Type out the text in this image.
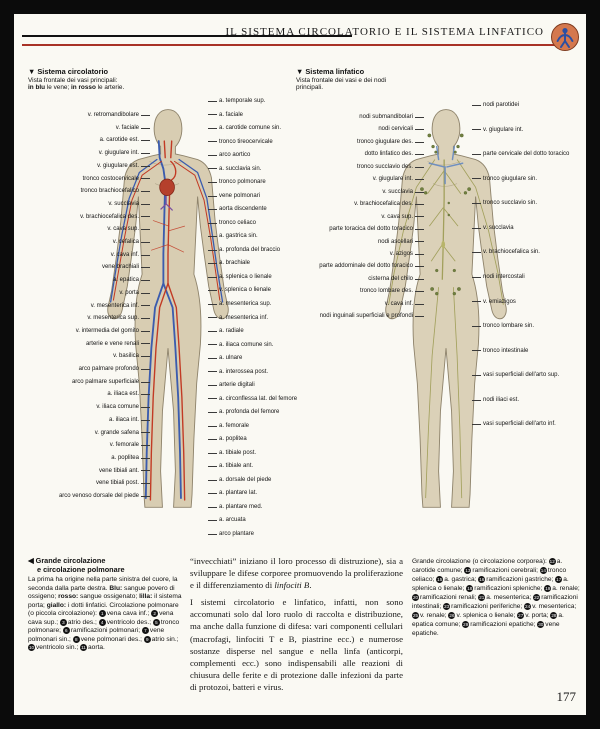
IL SISTEMA CIRCOLATORIO E IL SISTEMA LINFATICO
▼ Sistema circolatorio
Vista frontale dei vasi principali:
in blu le vene; in rosso le arterie.
▼ Sistema linfatico
Vista frontale dei vasi e dei nodi
principali.
v. retromandibolare
v. faciale
a. carotide est.
v. giugulare int.
v. giugulare est.
tronco costocervicale
tronco brachiocefalico
v. succlavia
v. brachiocefalica des.
v. cava sup.
v. cefalica
v. cava inf.
vene brachiali
a. epatica
v. porta
v. mesenterica inf.
v. mesenterica sup.
v. intermedia del gomito
arterie e vene renali
v. basilica
arco palmare profondo
arco palmare superficiale
a. iliaca est.
v. iliaca comune
a. iliaca int.
v. grande safena
v. femorale
a. poplitea
vene tibiali ant.
vene tibiali post.
arco venoso dorsale del piede
a. temporale sup.
a. faciale
a. carotide comune sin.
tronco tireocervicale
arco aortico
a. succlavia sin.
tronco polmonare
vene polmonari
aorta discendente
tronco celiaco
a. gastrica sin.
a. profonda del braccio
a. brachiale
a. splenica o lienale
v. splenica o lienale
a. mesenterica sup.
a. mesenterica inf.
a. radiale
a. iliaca comune sin.
a. ulnare
a. interossea post.
arterie digitali
a. circonflessa lat. del femore
a. profonda del femore
a. femorale
a. poplitea
a. tibiale post.
a. tibiale ant.
a. dorsale del piede
a. plantare lat.
a. plantare med.
a. arcuata
arco plantare
nodi submandibolari
nodi cervicali
tronco giugulare des.
dotto linfatico des.
tronco succlavio des.
v. giugulare int.
v. succlavia
v. brachiocefalica des.
v. cava sup.
parte toracica del dotto toracico
nodi ascellari
v. azigos
parte addominale del dotto toracico
cisterna del chilo
tronco lombare des.
v. cava inf.
nodi inguinali superficiali e profondi
nodi parotidei
v. giugulare int.
parte cervicale del dotto toracico
tronco giugulare sin.
tronco succlavio sin.
v. succlavia
v. brachiocefalica sin.
nodi intercostali
v. emiazigos
tronco lombare sin.
tronco intestinale
vasi superficiali dell'arto sup.
nodi iliaci est.
vasi superficiali dell'arto inf.
◀ Grande circolazione
e circolazione polmonare
La prima ha origine nella parte sinistra del cuore, la seconda dalla parte destra. Blu: sangue povero di ossigeno; rosso: sangue ossigenato; lilla: il sistema porta; giallo: i dotti linfatici. Circolazione polmonare (o piccola circolazione): 1 vena cava inf.; 2 vena cava sup.; 3 atrio des.; 4 ventricolo des.; 5 tronco polmonare; 6 ramificazioni polmonari; 7 vene polmonari sin.; 8 vene polmonari des.; 9 atrio sin.; 10 ventricolo sin.; 11 aorta.

“invecchiati” iniziano il loro processo di distruzione), sia a sviluppare le difese corporee promuovendo la proliferazione e il differenziamento di linfociti B.

I sistemi circolatorio e linfatico, infatti, non sono accomunati solo dal loro ruolo di raccolta e distribuzione, ma anche dalla funzione di difesa: vari componenti cellulari (macrofagi, linfociti T e B, piastrine ecc.) e numerose sostanze disperse nel sangue e nella linfa (anticorpi, complementi ecc.) sono indispensabili alle reazioni di chiusura delle ferite e di protezione dalle infezioni da parte di protozoi, batteri e virus.

Grande circolazione (o circolazione corporea): 12 a. carotide comune; 13 ramificazioni cerebrali; 14 tronco celiaco; 15 a. gastrica; 16 ramificazioni gastriche; 17 a. splenica o lienale; 18 ramificazioni spleniche; 19 a. renale; 20 ramificazioni renali; 21 a. mesenterica; 22 ramificazioni intestinali; 23 ramificazioni periferiche; 24 v. mesenterica; 25 v. renale; 26 v. splenica o lienale; 27 v. porta; 28 a. epatica comune; 29 ramificazioni epatiche; 30 vene epatiche.
177
